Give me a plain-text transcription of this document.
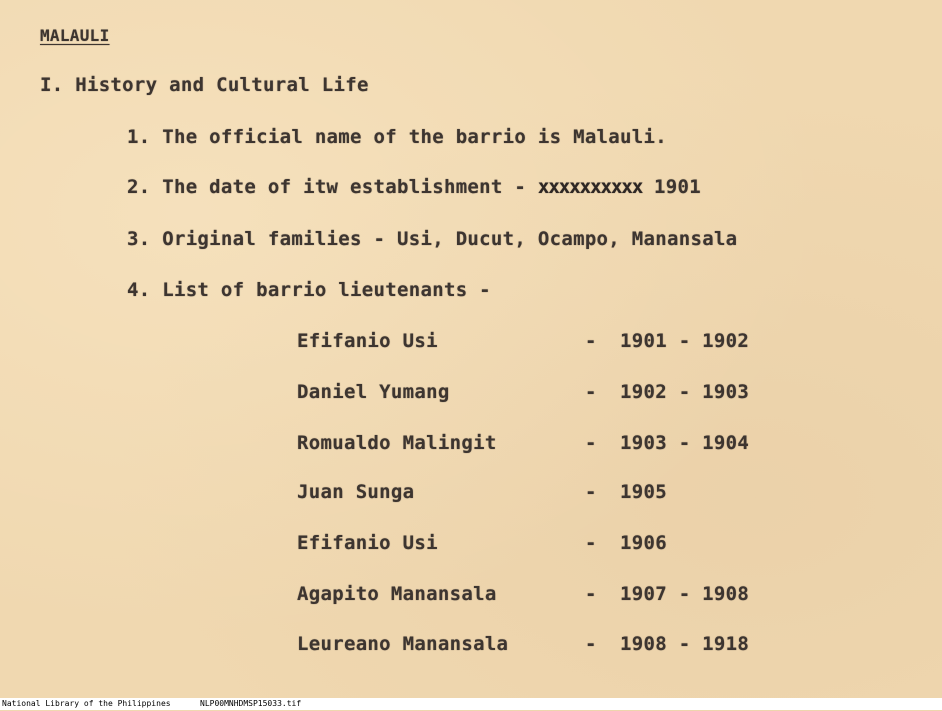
MALAULI
I. History and Cultural Life
1. The official name of the barrio is Malauli.
2. The date of itw establishment - xxxxxxxxxx 1901
3. Original families - Usi, Ducut, Ocampo, Manansala
4. List of barrio lieutenants -
Efifanio Usi	- 1901 - 1902
Daniel Yumang	- 1902 - 1903
Romualdo Malingit	- 1903 - 1904
Juan Sunga	- 1905
Efifanio Usi	- 1906
Agapito Manansala	- 1907 - 1908
Leureano Manansala	- 1908 - 1918
National Library of the Philippines	NLP00MNHDMSP15033.tif
